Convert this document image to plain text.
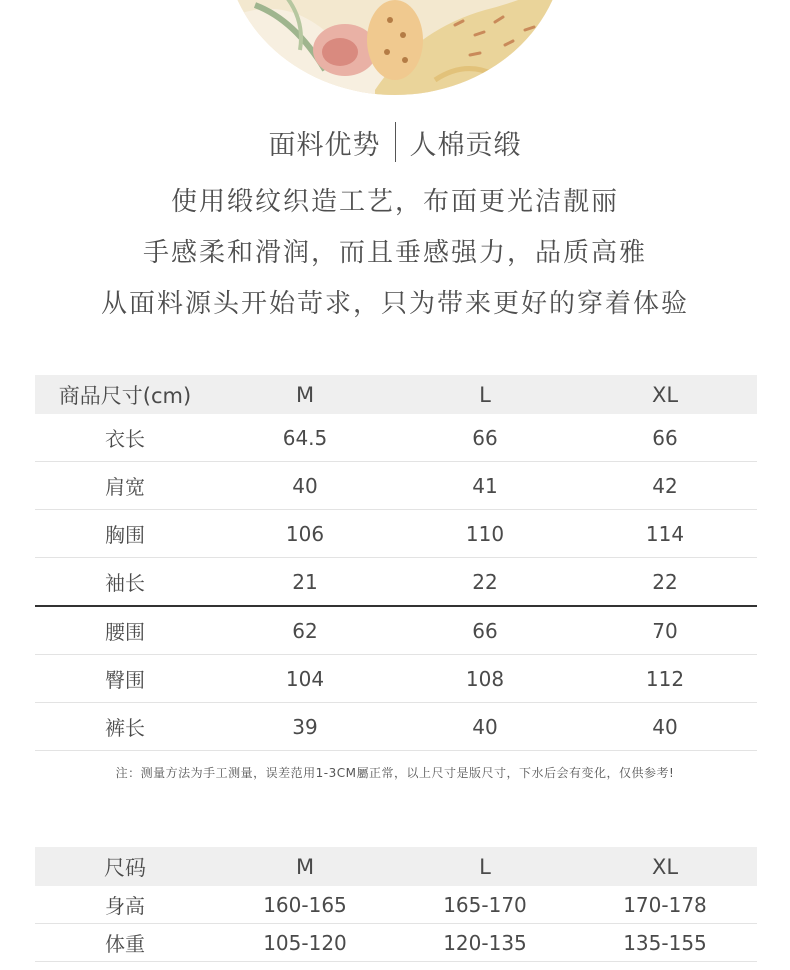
面料优势 人棉贡缎
使用缎纹织造工艺，布面更光洁靓丽
手感柔和滑润，而且垂感强力，品质高雅
从面料源头开始苛求，只为带来更好的穿着体验
商品尺寸(cm)	M	L	XL
衣长	64.5	66	66
肩宽	40	41	42
胸围	106	110	114
袖长	21	22	22
腰围	62	66	70
臀围	104	108	112
裤长	39	40	40
注：测量方法为手工测量，误差范用1-3CM屬正常，以上尺寸是版尺寸，下水后会有变化，仅供参考!
尺码	M	L	XL
身高	160-165	165-170	170-178
体重	105-120	120-135	135-155
